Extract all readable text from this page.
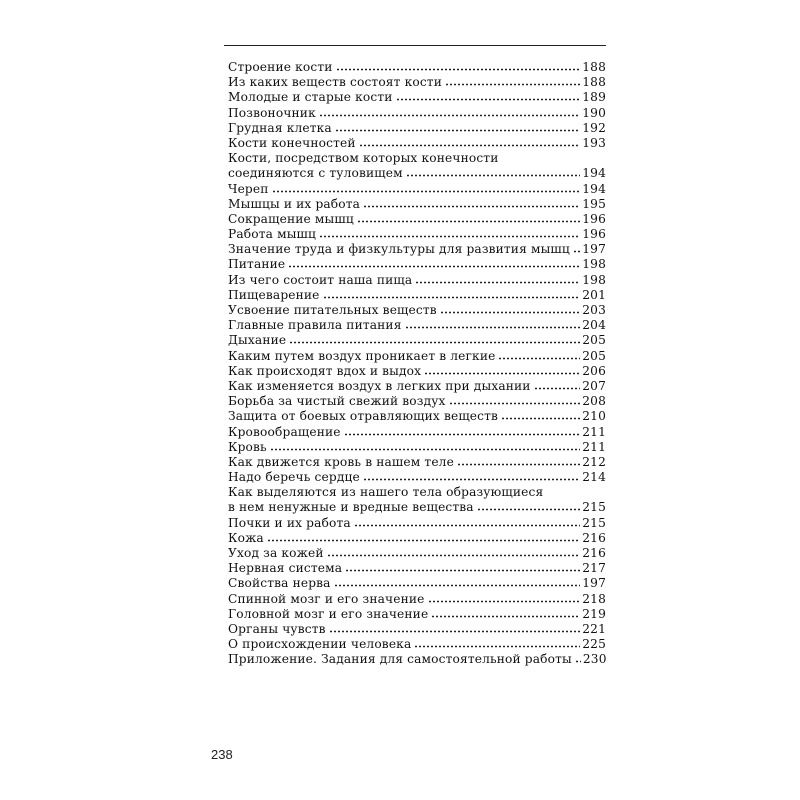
Строение кости	188
Из каких веществ состоят кости	188
Молодые и старые кости	189
Позвоночник	190
Грудная клетка	192
Кости конечностей	193
Кости, посредством которых конечности
соединяются с туловищем	194
Череп	194
Мышцы и их работа	195
Сокращение мышц	196
Работа мышц	196
Значение труда и физкультуры для развития мышц 197
Питание	198
Из чего состоит наша пища	198
Пищеварение	201
Усвоение питательных веществ	203
Главные правила питания	204
Дыхание	205
Каким путем воздух проникает в легкие	205
Как происходят вдох и выдох	206
Как изменяется воздух в легких при дыхании	207
Борьба за чистый свежий воздух	208
Защита от боевых отравляющих веществ	210
Кровообращение	211
Кровь	211
Как движется кровь в нашем теле	212
Надо беречь сердце	214
Как выделяются из нашего тела образующиеся
в нем ненужные и вредные вещества	215
Почки и их работа	215
Кожа	216
Уход за кожей	216
Нервная система	217
Свойства нерва	197
Спинной мозг и его значение	218
Головной мозг и его значение	219
Органы чувств	221
О происхождении человека	225
Приложение. Задания для самостоятельной работы 230
238
